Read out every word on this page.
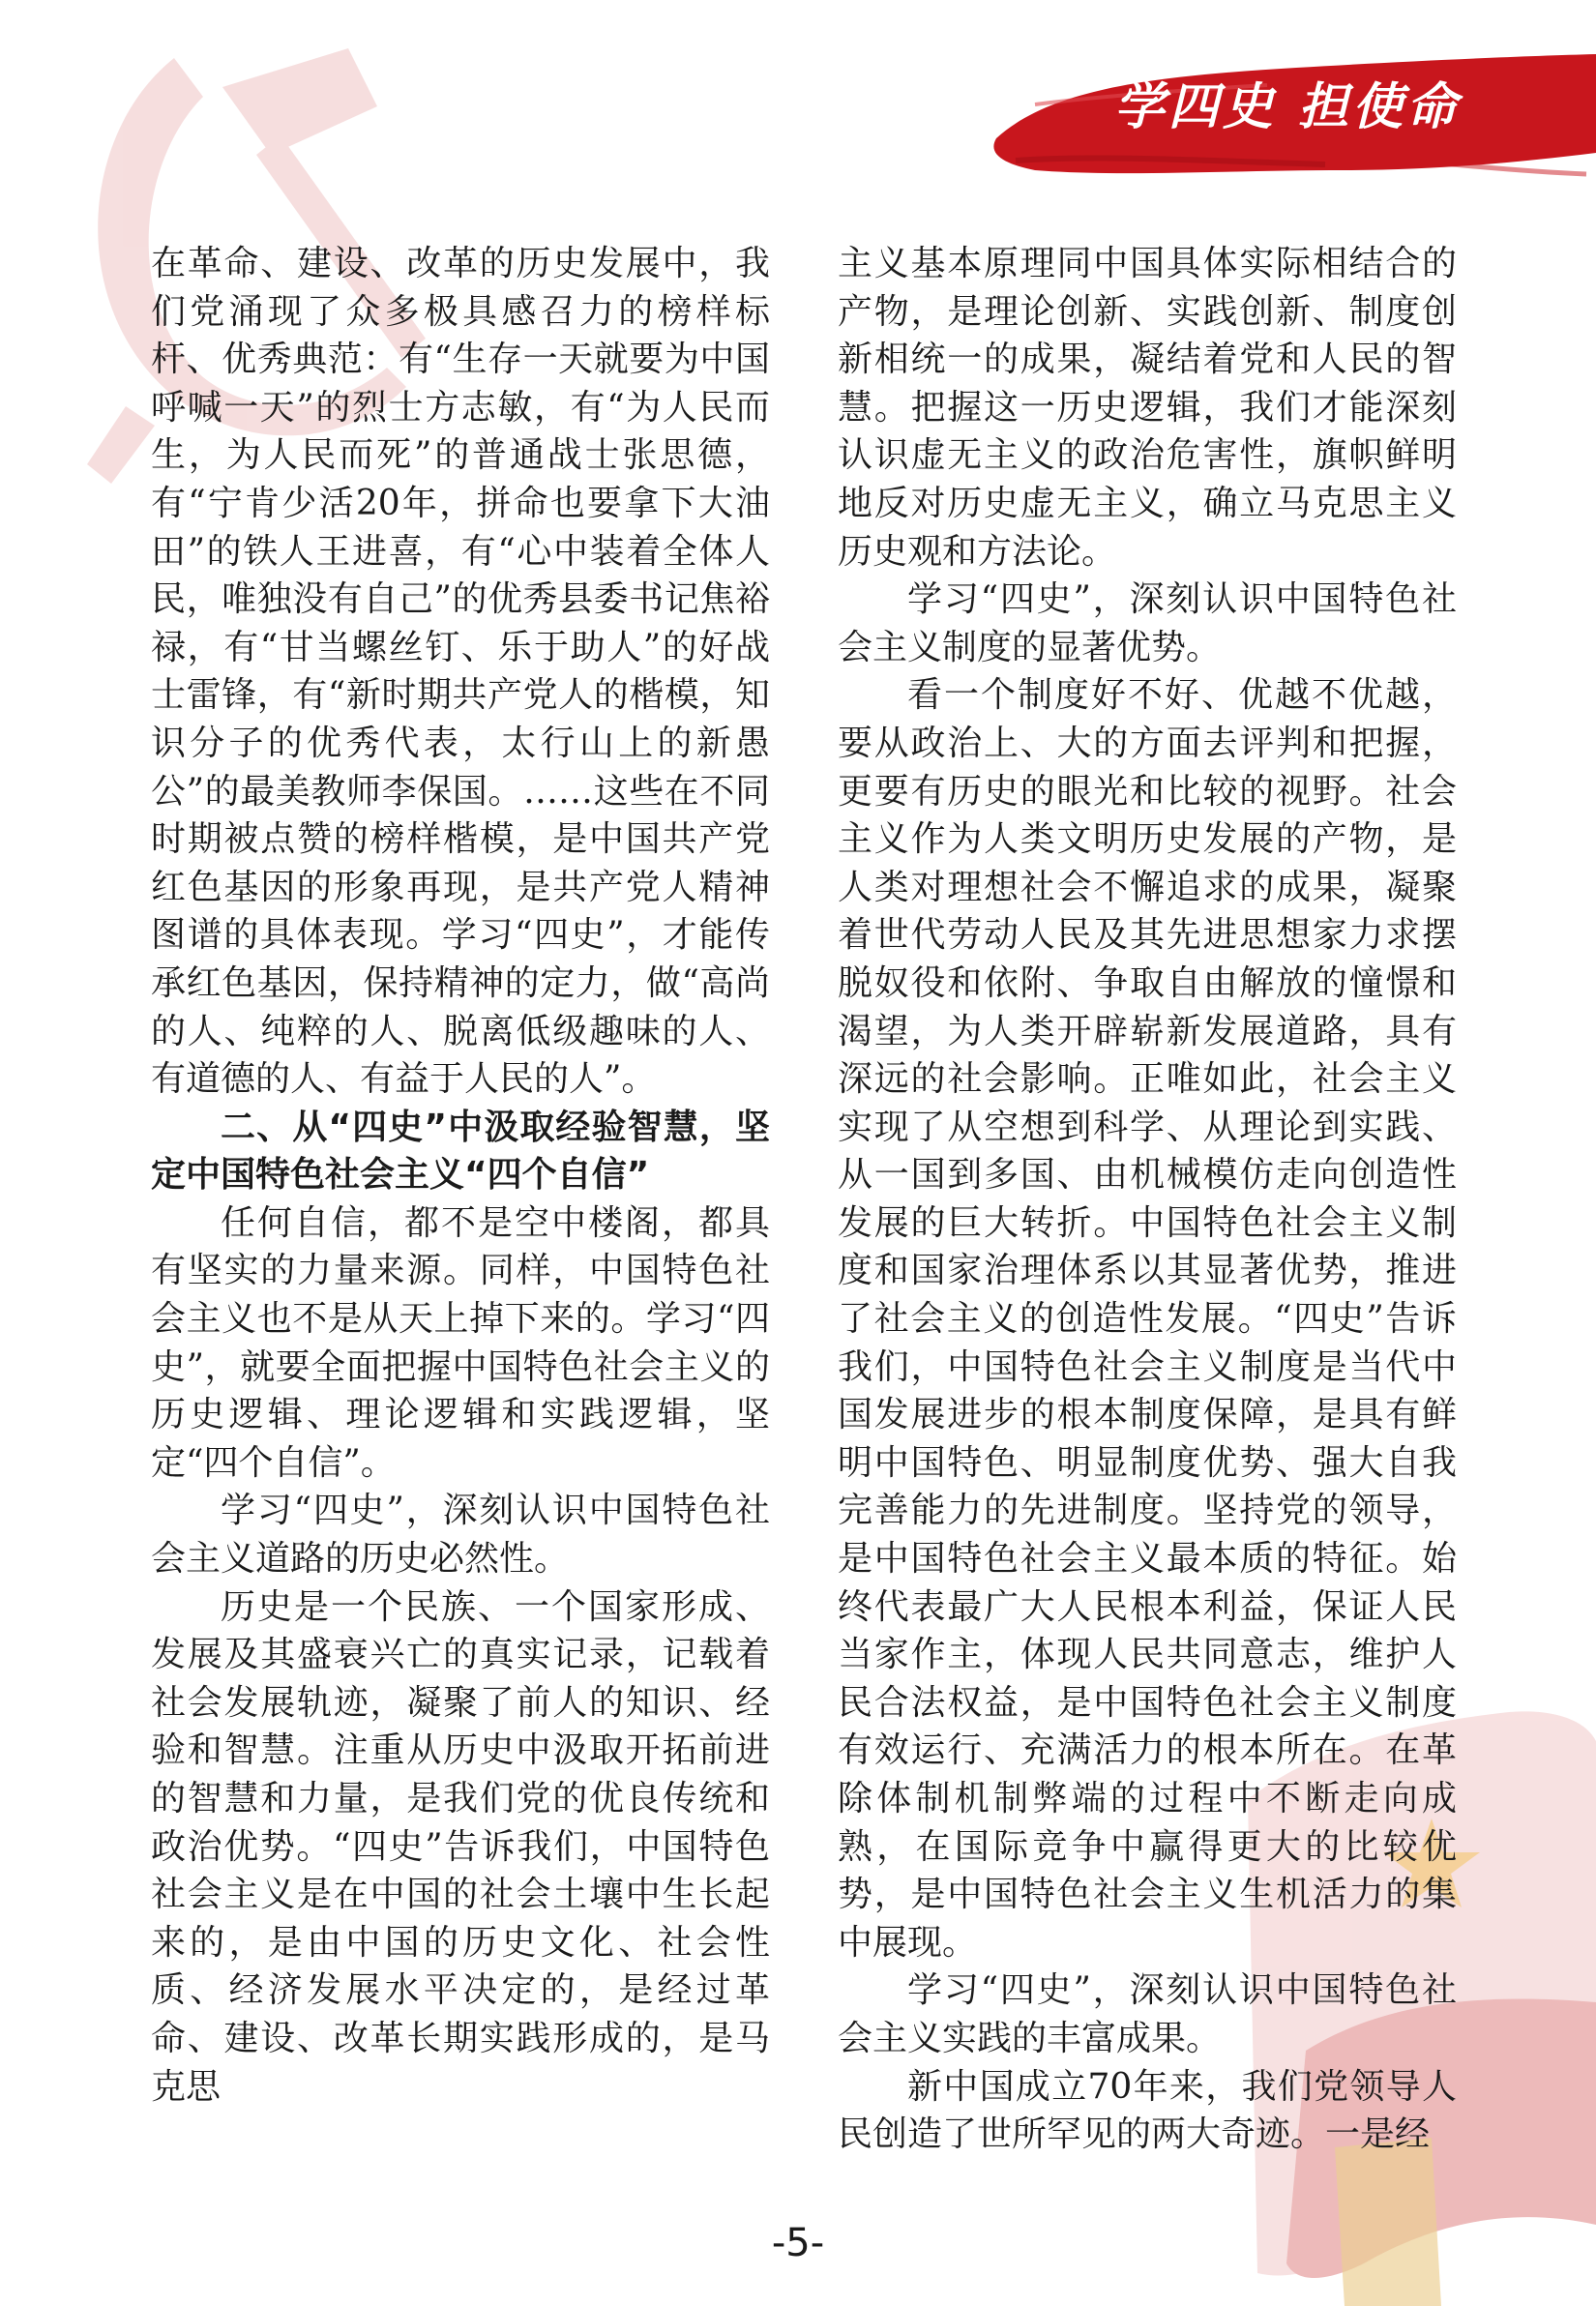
学四史 担使命

在革命、建设、改革的历史发展中，我们党涌现了众多极具感召力的榜样标杆、优秀典范：有“生存一天就要为中国呼喊一天”的烈士方志敏，有“为人民而生，为人民而死”的普通战士张思德，有“宁肯少活20年，拼命也要拿下大油田”的铁人王进喜，有“心中装着全体人民，唯独没有自己”的优秀县委书记焦裕禄，有“甘当螺丝钉、乐于助人”的好战士雷锋，有“新时期共产党人的楷模，知识分子的优秀代表，太行山上的新愚公”的最美教师李保国。……这些在不同时期被点赞的榜样楷模，是中国共产党红色基因的形象再现，是共产党人精神图谱的具体表现。学习“四史”，才能传承红色基因，保持精神的定力，做“高尚的人、纯粹的人、脱离低级趣味的人、有道德的人、有益于人民的人”。

二、从“四史”中汲取经验智慧，坚定中国特色社会主义“四个自信”

任何自信，都不是空中楼阁，都具有坚实的力量来源。同样，中国特色社会主义也不是从天上掉下来的。学习“四史”，就要全面把握中国特色社会主义的历史逻辑、理论逻辑和实践逻辑，坚定“四个自信”。

学习“四史”，深刻认识中国特色社会主义道路的历史必然性。

历史是一个民族、一个国家形成、发展及其盛衰兴亡的真实记录，记载着社会发展轨迹，凝聚了前人的知识、经验和智慧。注重从历史中汲取开拓前进的智慧和力量，是我们党的优良传统和政治优势。“四史”告诉我们，中国特色社会主义是在中国的社会土壤中生长起来的，是由中国的历史文化、社会性质、经济发展水平决定的，是经过革命、建设、改革长期实践形成的，是马克思

主义基本原理同中国具体实际相结合的产物，是理论创新、实践创新、制度创新相统一的成果，凝结着党和人民的智慧。把握这一历史逻辑，我们才能深刻认识虚无主义的政治危害性，旗帜鲜明地反对历史虚无主义，确立马克思主义历史观和方法论。

学习“四史”，深刻认识中国特色社会主义制度的显著优势。

看一个制度好不好、优越不优越，要从政治上、大的方面去评判和把握，更要有历史的眼光和比较的视野。社会主义作为人类文明历史发展的产物，是人类对理想社会不懈追求的成果，凝聚着世代劳动人民及其先进思想家力求摆脱奴役和依附、争取自由解放的憧憬和渴望，为人类开辟崭新发展道路，具有深远的社会影响。正唯如此，社会主义实现了从空想到科学、从理论到实践、从一国到多国、由机械模仿走向创造性发展的巨大转折。中国特色社会主义制度和国家治理体系以其显著优势，推进了社会主义的创造性发展。“四史”告诉我们，中国特色社会主义制度是当代中国发展进步的根本制度保障，是具有鲜明中国特色、明显制度优势、强大自我完善能力的先进制度。坚持党的领导，是中国特色社会主义最本质的特征。始终代表最广大人民根本利益，保证人民当家作主，体现人民共同意志，维护人民合法权益，是中国特色社会主义制度有效运行、充满活力的根本所在。在革除体制机制弊端的过程中不断走向成熟，在国际竞争中赢得更大的比较优势，是中国特色社会主义生机活力的集中展现。

学习“四史”，深刻认识中国特色社会主义实践的丰富成果。

新中国成立70年来，我们党领导人民创造了世所罕见的两大奇迹。一是经

-5-
